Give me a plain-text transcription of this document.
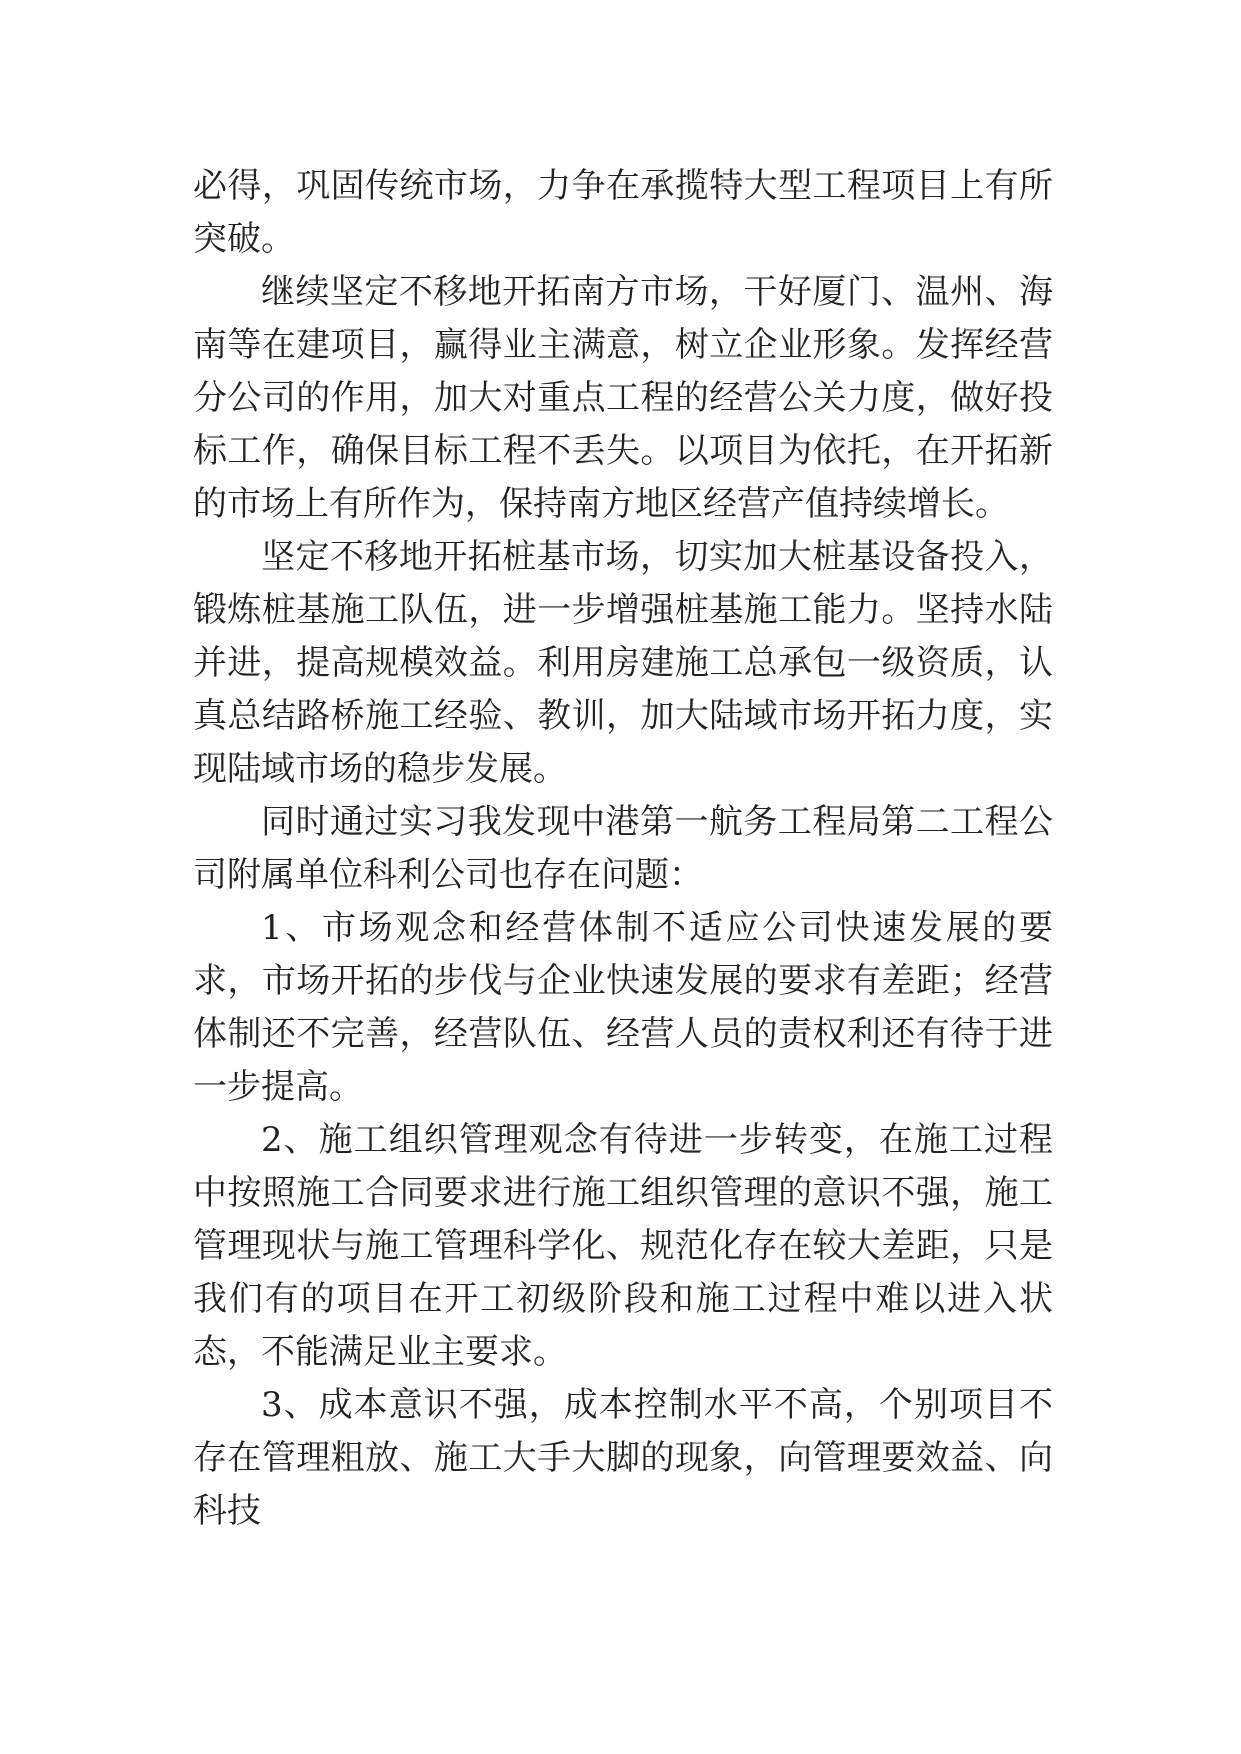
必得，巩固传统市场，力争在承揽特大型工程项目上有所突破。

继续坚定不移地开拓南方市场，干好厦门、温州、海南等在建项目，赢得业主满意，树立企业形象。发挥经营分公司的作用，加大对重点工程的经营公关力度，做好投标工作，确保目标工程不丢失。以项目为依托，在开拓新的市场上有所作为，保持南方地区经营产值持续增长。

坚定不移地开拓桩基市场，切实加大桩基设备投入，锻炼桩基施工队伍，进一步增强桩基施工能力。坚持水陆并进，提高规模效益。利用房建施工总承包一级资质，认真总结路桥施工经验、教训，加大陆域市场开拓力度，实现陆域市场的稳步发展。

同时通过实习我发现中港第一航务工程局第二工程公司附属单位科利公司也存在问题：

1、市场观念和经营体制不适应公司快速发展的要求，市场开拓的步伐与企业快速发展的要求有差距；经营体制还不完善，经营队伍、经营人员的责权利还有待于进一步提高。

2、施工组织管理观念有待进一步转变，在施工过程中按照施工合同要求进行施工组织管理的意识不强，施工管理现状与施工管理科学化、规范化存在较大差距，只是我们有的项目在开工初级阶段和施工过程中难以进入状态，不能满足业主要求。

3、成本意识不强，成本控制水平不高，个别项目不存在管理粗放、施工大手大脚的现象，向管理要效益、向科技
